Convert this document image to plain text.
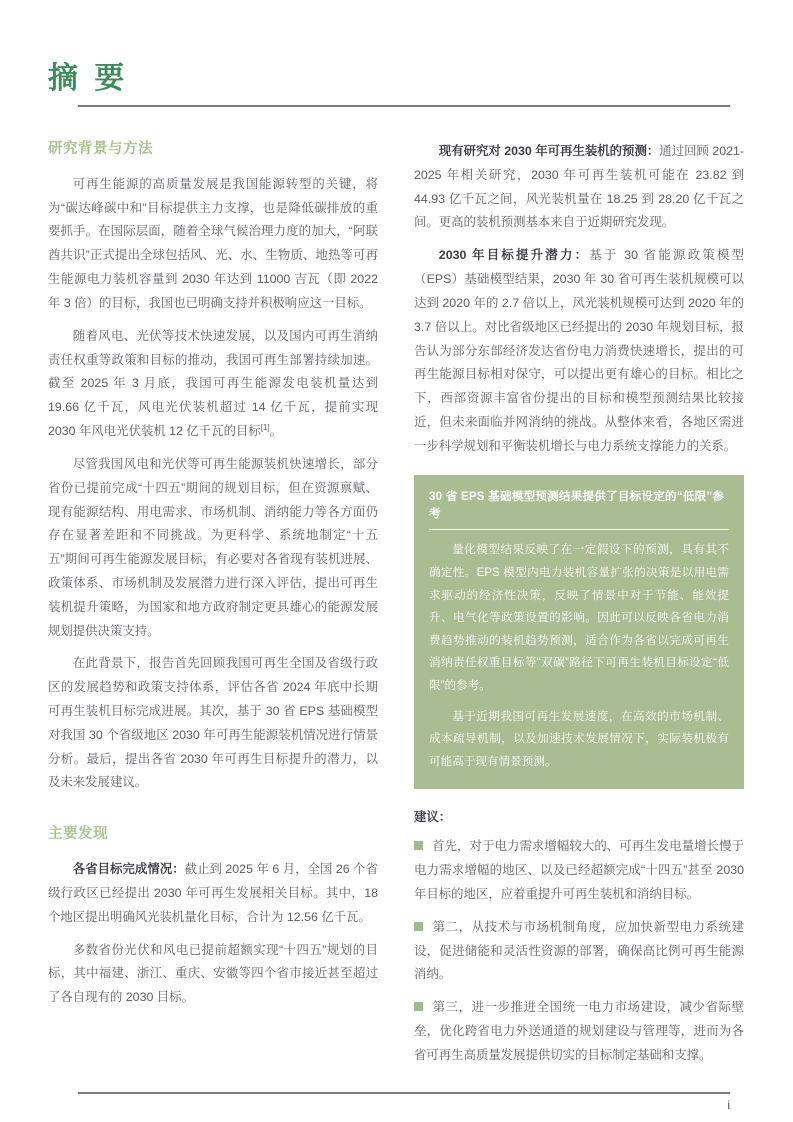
摘 要
研究背景与方法

可再生能源的高质量发展是我国能源转型的关键，将为“碳达峰碳中和”目标提供主力支撑，也是降低碳排放的重要抓手。在国际层面，随着全球气候治理力度的加大，“阿联酋共识”正式提出全球包括风、光、水、生物质、地热等可再生能源电力装机容量到 2030 年达到 11000 吉瓦（即 2022 年 3 倍）的目标，我国也已明确支持并积极响应这一目标。

随着风电、光伏等技术快速发展，以及国内可再生消纳责任权重等政策和目标的推动，我国可再生部署持续加速。截至 2025 年 3 月底，我国可再生能源发电装机量达到 19.66 亿千瓦，风电光伏装机超过 14 亿千瓦，提前实现 2030 年风电光伏装机 12 亿千瓦的目标[1]。

尽管我国风电和光伏等可再生能源装机快速增长，部分省份已提前完成“十四五”期间的规划目标，但在资源禀赋、现有能源结构、用电需求、市场机制、消纳能力等各方面仍存在显著差距和不同挑战。为更科学、系统地制定“十五五”期间可再生能源发展目标，有必要对各省现有装机进展、政策体系、市场机制及发展潜力进行深入评估，提出可再生装机提升策略，为国家和地方政府制定更具雄心的能源发展规划提供决策支持。

在此背景下，报告首先回顾我国可再生全国及省级行政区的发展趋势和政策支持体系，评估各省 2024 年底中长期可再生装机目标完成进展。其次，基于 30 省 EPS 基础模型对我国 30 个省级地区 2030 年可再生能源装机情况进行情景分析。最后，提出各省 2030 年可再生目标提升的潜力，以及未来发展建议。

主要发现

各省目标完成情况：截止到 2025 年 6 月，全国 26 个省级行政区已经提出 2030 年可再生发展相关目标。其中，18 个地区提出明确风光装机量化目标，合计为 12.56 亿千瓦。

多数省份光伏和风电已提前超额实现“十四五”规划的目标，其中福建、浙江、重庆、安徽等四个省市接近甚至超过了各自现有的 2030 目标。

现有研究对 2030 年可再生装机的预测：通过回顾 2021-2025 年相关研究，2030 年可再生装机可能在 23.82 到 44.93 亿千瓦之间，风光装机量在 18.25 到 28.20 亿千瓦之间。更高的装机预测基本来自于近期研究发现。

2030 年目标提升潜力：基于 30 省能源政策模型（EPS）基础模型结果，2030 年 30 省可再生装机规模可以达到 2020 年的 2.7 倍以上，风光装机规模可达到 2020 年的 3.7 倍以上。对比省级地区已经提出的 2030 年规划目标，报告认为部分东部经济发达省份电力消费快速增长，提出的可再生能源目标相对保守，可以提出更有雄心的目标。相比之下，西部资源丰富省份提出的目标和模型预测结果比较接近，但未来面临并网消纳的挑战。从整体来看，各地区需进一步科学规划和平衡装机增长与电力系统支撑能力的关系。

30 省 EPS 基础模型预测结果提供了目标设定的“低限”参考

量化模型结果反映了在一定假设下的预测，具有其不确定性。EPS 模型内电力装机容量扩张的决策是以用电需求驱动的经济性决策，反映了情景中对于节能、能效提升、电气化等政策设置的影响。因此可以反映各省电力消费趋势推动的装机趋势预测，适合作为各省以完成可再生消纳责任权重目标等“双碳”路径下可再生装机目标设定“低限”的参考。

基于近期我国可再生发展速度，在高效的市场机制、成本疏导机制，以及加速技术发展情况下，实际装机极有可能高于现有情景预测。

建议：
首先，对于电力需求增幅较大的、可再生发电量增长慢于电力需求增幅的地区、以及已经超额完成“十四五”甚至 2030 年目标的地区，应着重提升可再生装机和消纳目标。
第二，从技术与市场机制角度，应加快新型电力系统建设，促进储能和灵活性资源的部署，确保高比例可再生能源消纳。
第三，进一步推进全国统一电力市场建设，减少省际壁垒，优化跨省电力外送通道的规划建设与管理等，进而为各省可再生高质量发展提供切实的目标制定基础和支撑。
i
